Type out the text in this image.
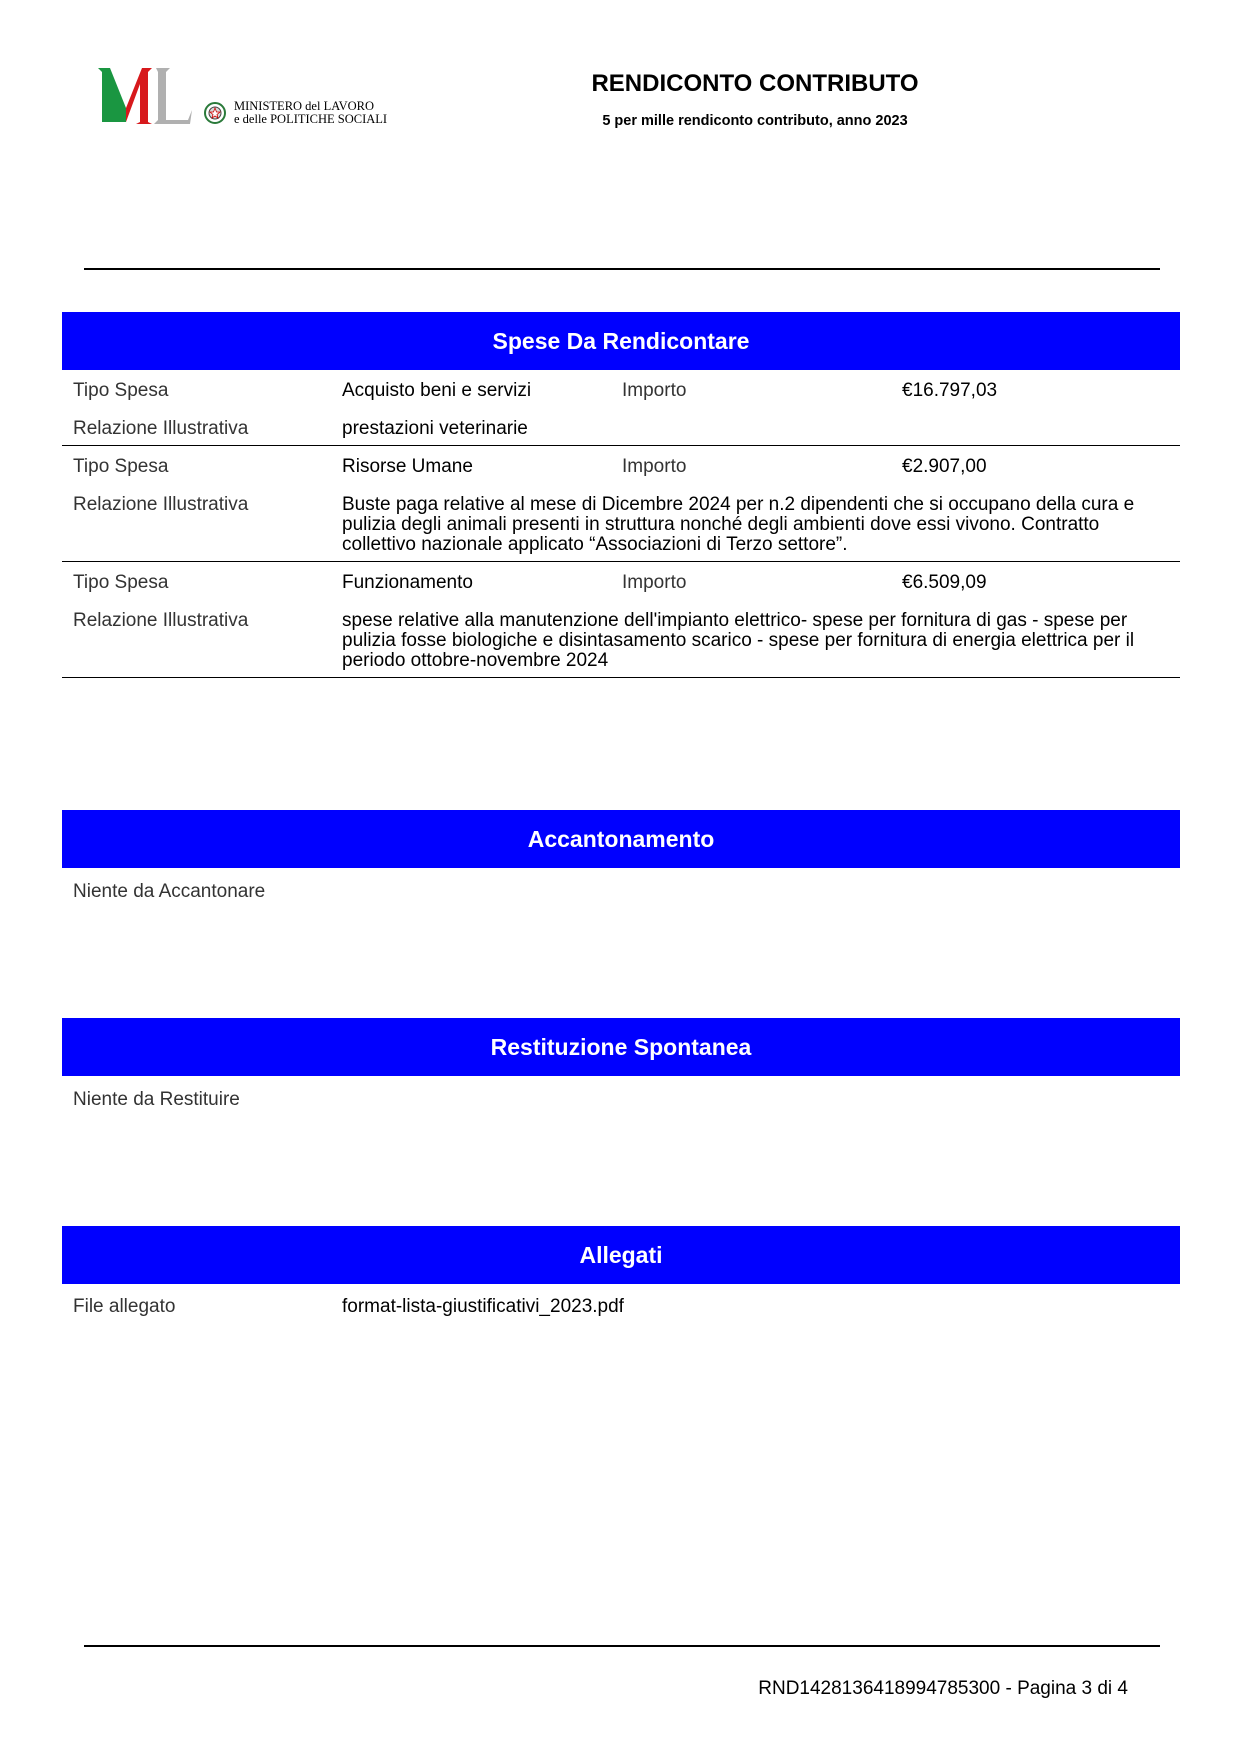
MINISTERO del LAVORO
e delle POLITICHE SOCIALI
RENDICONTO CONTRIBUTO
5 per mille rendiconto contributo, anno 2023
Spese Da Rendicontare
Tipo Spesa	Acquisto beni e servizi	Importo	€16.797,03
Relazione Illustrativa	prestazioni veterinarie
Tipo Spesa	Risorse Umane	Importo	€2.907,00
Relazione Illustrativa	Buste paga relative al mese di Dicembre 2024 per n.2 dipendenti che si occupano della cura e pulizia degli animali presenti in struttura nonché degli ambienti dove essi vivono. Contratto collettivo nazionale applicato “Associazioni di Terzo settore”.
Tipo Spesa	Funzionamento	Importo	€6.509,09
Relazione Illustrativa	spese relative alla manutenzione dell'impianto elettrico- spese per fornitura di gas - spese per pulizia fosse biologiche e disintasamento scarico - spese per fornitura di energia elettrica per il periodo ottobre-novembre 2024
Accantonamento
Niente da Accantonare
Restituzione Spontanea
Niente da Restituire
Allegati
File allegato	format-lista-giustificativi_2023.pdf
RND1428136418994785300 - Pagina 3 di 4
